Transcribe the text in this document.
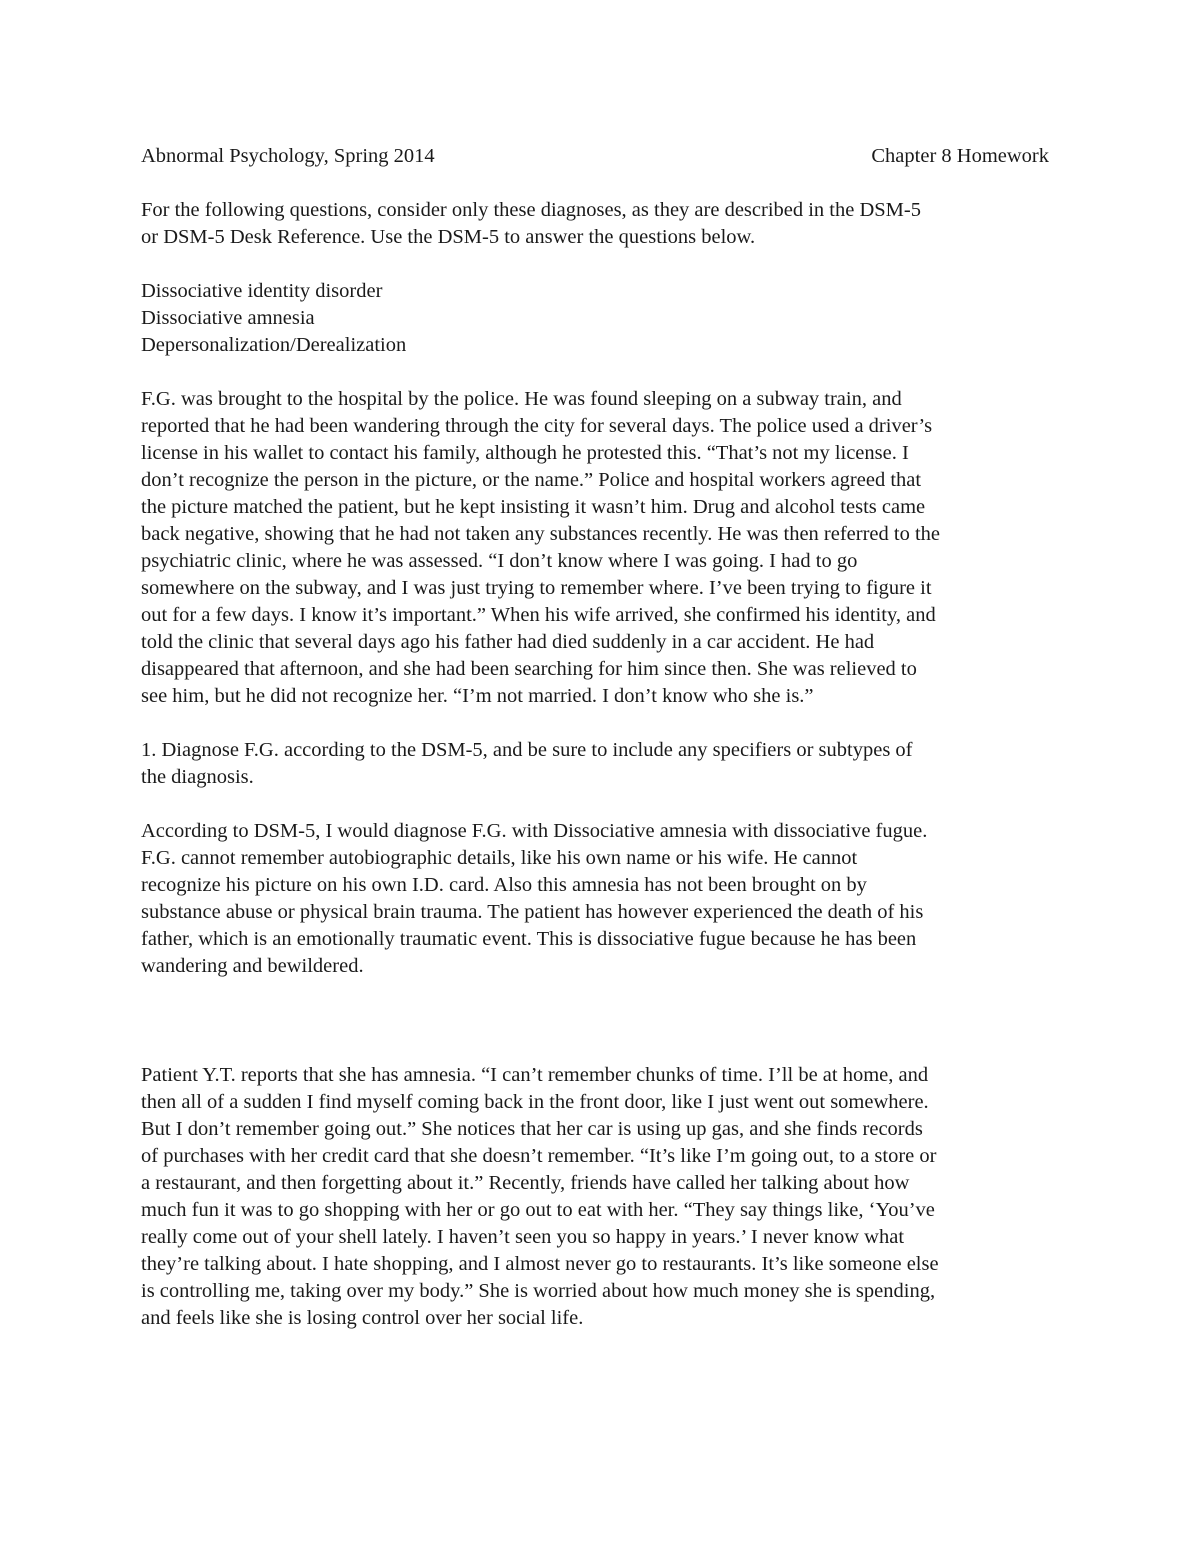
Abnormal Psychology, Spring 2014	Chapter 8 Homework
For the following questions, consider only these diagnoses, as they are described in the DSM-5
or DSM-5 Desk Reference. Use the DSM-5 to answer the questions below.
Dissociative identity disorder
Dissociative amnesia
Depersonalization/Derealization
F.G. was brought to the hospital by the police. He was found sleeping on a subway train, and
reported that he had been wandering through the city for several days. The police used a driver’s
license in his wallet to contact his family, although he protested this. “That’s not my license. I
don’t recognize the person in the picture, or the name.” Police and hospital workers agreed that
the picture matched the patient, but he kept insisting it wasn’t him. Drug and alcohol tests came
back negative, showing that he had not taken any substances recently. He was then referred to the
psychiatric clinic, where he was assessed. “I don’t know where I was going. I had to go
somewhere on the subway, and I was just trying to remember where. I’ve been trying to figure it
out for a few days. I know it’s important.” When his wife arrived, she confirmed his identity, and
told the clinic that several days ago his father had died suddenly in a car accident. He had
disappeared that afternoon, and she had been searching for him since then. She was relieved to
see him, but he did not recognize her. “I’m not married. I don’t know who she is.”
1. Diagnose F.G. according to the DSM-5, and be sure to include any specifiers or subtypes of
the diagnosis.
According to DSM-5, I would diagnose F.G. with Dissociative amnesia with dissociative fugue.
F.G. cannot remember autobiographic details, like his own name or his wife. He cannot
recognize his picture on his own I.D. card. Also this amnesia has not been brought on by
substance abuse or physical brain trauma. The patient has however experienced the death of his
father, which is an emotionally traumatic event. This is dissociative fugue because he has been
wandering and bewildered.
Patient Y.T. reports that she has amnesia. “I can’t remember chunks of time. I’ll be at home, and
then all of a sudden I find myself coming back in the front door, like I just went out somewhere.
But I don’t remember going out.” She notices that her car is using up gas, and she finds records
of purchases with her credit card that she doesn’t remember. “It’s like I’m going out, to a store or
a restaurant, and then forgetting about it.” Recently, friends have called her talking about how
much fun it was to go shopping with her or go out to eat with her. “They say things like, ‘You’ve
really come out of your shell lately. I haven’t seen you so happy in years.’ I never know what
they’re talking about. I hate shopping, and I almost never go to restaurants. It’s like someone else
is controlling me, taking over my body.” She is worried about how much money she is spending,
and feels like she is losing control over her social life.
